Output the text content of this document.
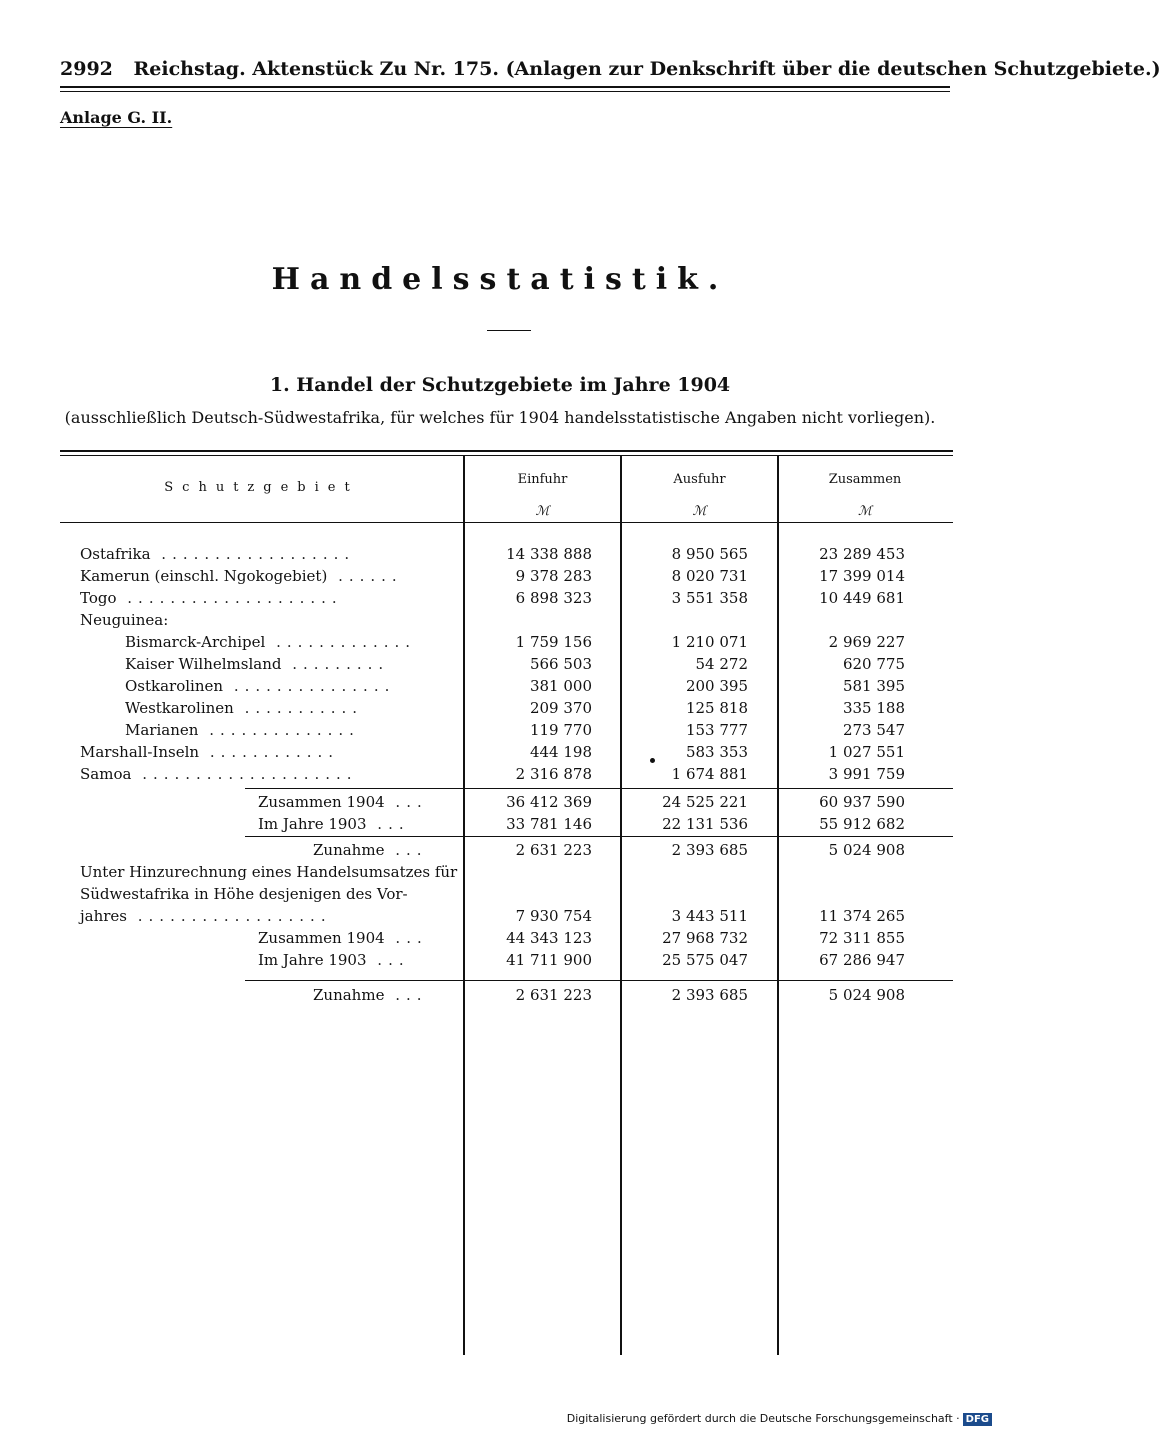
2992 Reichstag. Aktenstück Zu Nr. 175. (Anlagen zur Denkschrift über die deutschen Schutzgebiete.)
Anlage G. II.
Handelsstatistik.
1. Handel der Schutzgebiete im Jahre 1904
(ausschließlich Deutsch-Südwestafrika, für welches für 1904 handelsstatistische Angaben nicht vorliegen).
Schutzgebiet
Einfuhr	Ausfuhr	Zusammen
ℳ	ℳ	ℳ
Ostafrika ..................	14 338 888	8 950 565	23 289 453
Kamerun (einschl. Ngokogebiet) ......	9 378 283	8 020 731	17 399 014
Togo ....................	6 898 323	3 551 358	10 449 681
Neuguinea:
Bismarck-Archipel .............	1 759 156	1 210 071	2 969 227
Kaiser Wilhelmsland .........	566 503	54 272	620 775
Ostkarolinen ...............	381 000	200 395	581 395
Westkarolinen ...........	209 370	125 818	335 188
Marianen ..............	119 770	153 777	273 547
Marshall-Inseln ............	444 198	583 353	1 027 551
Samoa ....................	2 316 878	1 674 881	3 991 759
Zusammen 1904 ...	36 412 369	24 525 221	60 937 590
Im Jahre 1903 ...	33 781 146	22 131 536	55 912 682
Zunahme ...	2 631 223	2 393 685	5 024 908
Unter Hinzurechnung eines Handelsumsatzes für
Südwestafrika in Höhe desjenigen des Vor-
jahres ..................	7 930 754	3 443 511	11 374 265
Zusammen 1904 ...	44 343 123	27 968 732	72 311 855
Im Jahre 1903 ...	41 711 900	25 575 047	67 286 947
Zunahme ...	2 631 223	2 393 685	5 024 908
Digitalisierung gefördert durch die Deutsche Forschungsgemeinschaft · DFG
